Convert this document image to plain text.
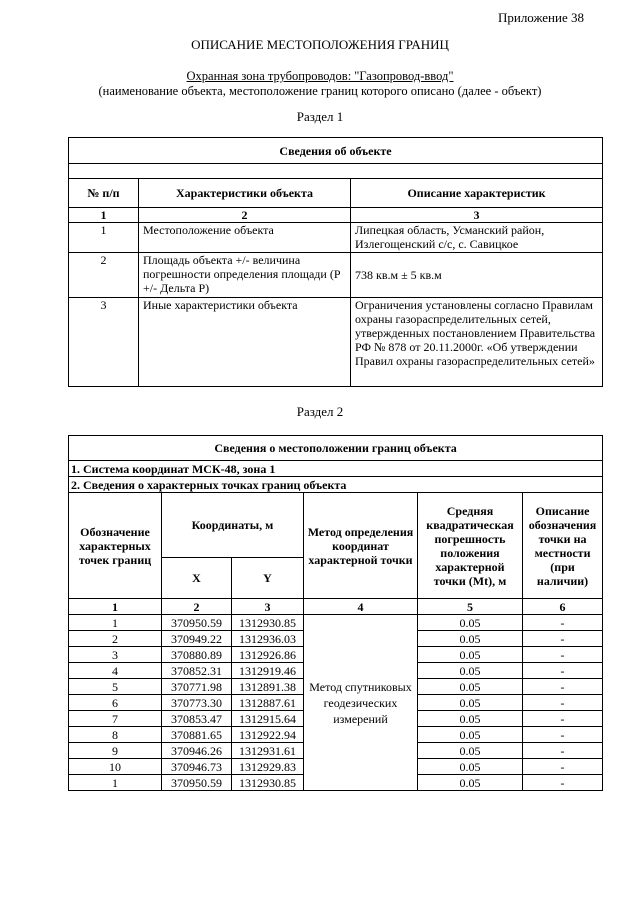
Приложение 38
ОПИСАНИЕ МЕСТОПОЛОЖЕНИЯ ГРАНИЦ
Охранная зона трубопроводов: "Газопровод-ввод"
(наименование объекта, местоположение границ которого описано (далее - объект)
Раздел 1
Сведения об объекте		

№ п/п	Характеристики объекта	Описание характеристик
1	2	3
1	Местоположение объекта	Липецкая область, Усманский район, Излегощенский с/с, с. Савицкое
2	Площадь объекта +/- величина погрешности определения площади (P +/- Дельта P)	738 кв.м ± 5 кв.м
3	Иные характеристики объекта	Ограничения установлены согласно Правилам охраны газораспределительных сетей, утвержденных постановлением Правительства РФ № 878 от 20.11.2000г. «Об утверждении Правил охраны газораспределительных сетей»
Раздел 2
Сведения о местоположении границ объекта					
1. Система координат МСК-48, зона 1					
2. Сведения о характерных точках границ объекта					
Обозначение характерных точек границ	Координаты, м		Метод определения координат характерной точки	Средняя квадратическая погрешность положения характерной точки (Mt), м	Описание обозначения точки на местности (при наличии)
	X	Y			
1	2	3	4	5	6
1	370950.59	1312930.85	Метод спутниковых геодезических измерений	0.05	-
2	370949.22	1312936.03		0.05	-
3	370880.89	1312926.86		0.05	-
4	370852.31	1312919.46		0.05	-
5	370771.98	1312891.38		0.05	-
6	370773.30	1312887.61		0.05	-
7	370853.47	1312915.64		0.05	-
8	370881.65	1312922.94		0.05	-
9	370946.26	1312931.61		0.05	-
10	370946.73	1312929.83		0.05	-
1	370950.59	1312930.85		0.05	-
